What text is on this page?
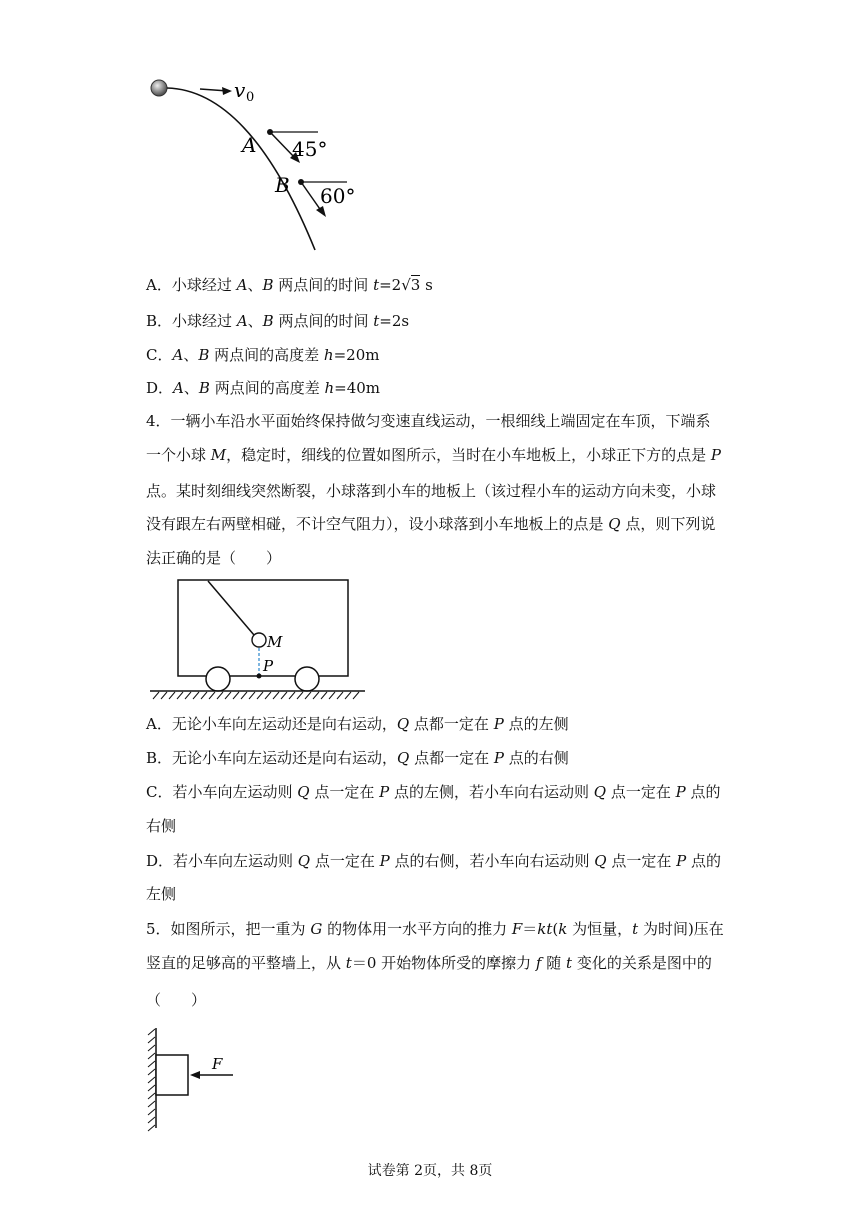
v 0
A 45°
B 60°
A．小球经过 A、B 两点间的时间 t=2√3 s
B．小球经过 A、B 两点间的时间 t=2s
C．A、B 两点间的高度差 h=20m
D．A、B 两点间的高度差 h=40m
4．一辆小车沿水平面始终保持做匀变速直线运动，一根细线上端固定在车顶，下端系
一个小球 M，稳定时，细线的位置如图所示，当时在小车地板上，小球正下方的点是 P
点。某时刻细线突然断裂，小球落到小车的地板上（该过程小车的运动方向未变，小球
没有跟左右两壁相碰，不计空气阻力），设小球落到小车地板上的点是 Q 点，则下列说
法正确的是（　　）
M
P
A．无论小车向左运动还是向右运动，Q 点都一定在 P 点的左侧
B．无论小车向左运动还是向右运动，Q 点都一定在 P 点的右侧
C．若小车向左运动则 Q 点一定在 P 点的左侧，若小车向右运动则 Q 点一定在 P 点的
右侧
D．若小车向左运动则 Q 点一定在 P 点的右侧，若小车向右运动则 Q 点一定在 P 点的
左侧
5．如图所示，把一重为 G 的物体用一水平方向的推力 F＝kt(k 为恒量，t 为时间)压在
竖直的足够高的平整墙上，从 t＝0 开始物体所受的摩擦力 f 随 t 变化的关系是图中的
（　　）
F
试卷第 2页，共 8页
